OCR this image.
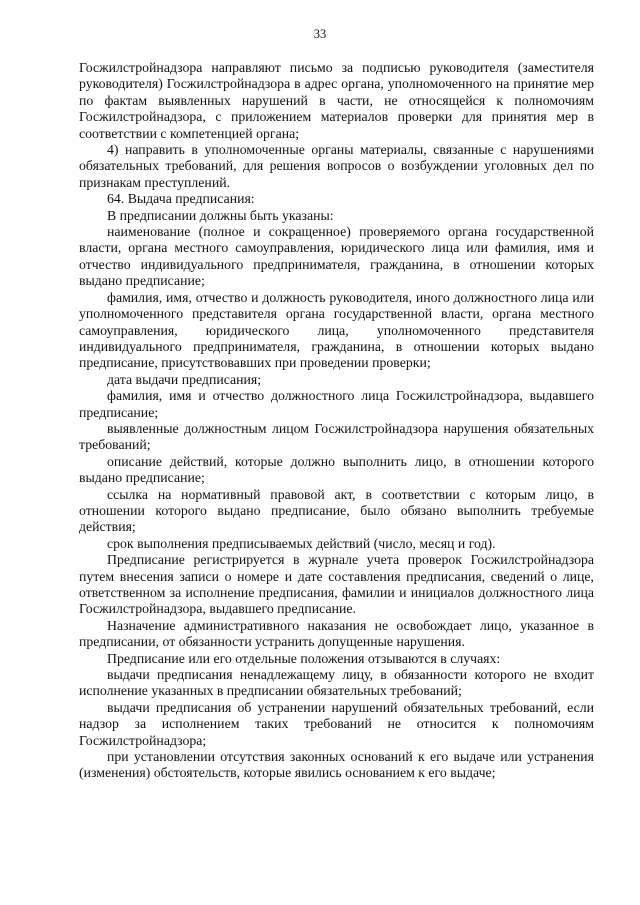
33

Госжилстройнадзора направляют письмо за подписью руководителя (заместителя руководителя) Госжилстройнадзора в адрес органа, уполномоченного на принятие мер по фактам выявленных нарушений в части, не относящейся к полномочиям Госжилстройнадзора, с приложением материалов проверки для принятия мер в соответствии с компетенцией органа;

4) направить в уполномоченные органы материалы, связанные с нарушениями обязательных требований, для решения вопросов о возбуждении уголовных дел по признакам преступлений.

64. Выдача предписания:

В предписании должны быть указаны:

наименование (полное и сокращенное) проверяемого органа государственной власти, органа местного самоуправления, юридического лица или фамилия, имя и отчество индивидуального предпринимателя, гражданина, в отношении которых выдано предписание;

фамилия, имя, отчество и должность руководителя, иного должностного лица или уполномоченного представителя органа государственной власти, органа местного самоуправления, юридического лица, уполномоченного представителя индивидуального предпринимателя, гражданина, в отношении которых выдано предписание, присутствовавших при проведении проверки;

дата выдачи предписания;

фамилия, имя и отчество должностного лица Госжилстройнадзора, выдавшего предписание;

выявленные должностным лицом Госжилстройнадзора нарушения обязательных требований;

описание действий, которые должно выполнить лицо, в отношении которого выдано предписание;

ссылка на нормативный правовой акт, в соответствии с которым лицо, в отношении которого выдано предписание, было обязано выполнить требуемые действия;

срок выполнения предписываемых действий (число, месяц и год).

Предписание регистрируется в журнале учета проверок Госжилстройнадзора путем внесения записи о номере и дате составления предписания, сведений о лице, ответственном за исполнение предписания, фамилии и инициалов должностного лица Госжилстройнадзора, выдавшего предписание.

Назначение административного наказания не освобождает лицо, указанное в предписании, от обязанности устранить допущенные нарушения.

Предписание или его отдельные положения отзываются в случаях:

выдачи предписания ненадлежащему лицу, в обязанности которого не входит исполнение указанных в предписании обязательных требований;

выдачи предписания об устранении нарушений обязательных требований, если надзор за исполнением таких требований не относится к полномочиям Госжилстройнадзора;

при установлении отсутствия законных оснований к его выдаче или устранения (изменения) обстоятельств, которые явились основанием к его выдаче;
